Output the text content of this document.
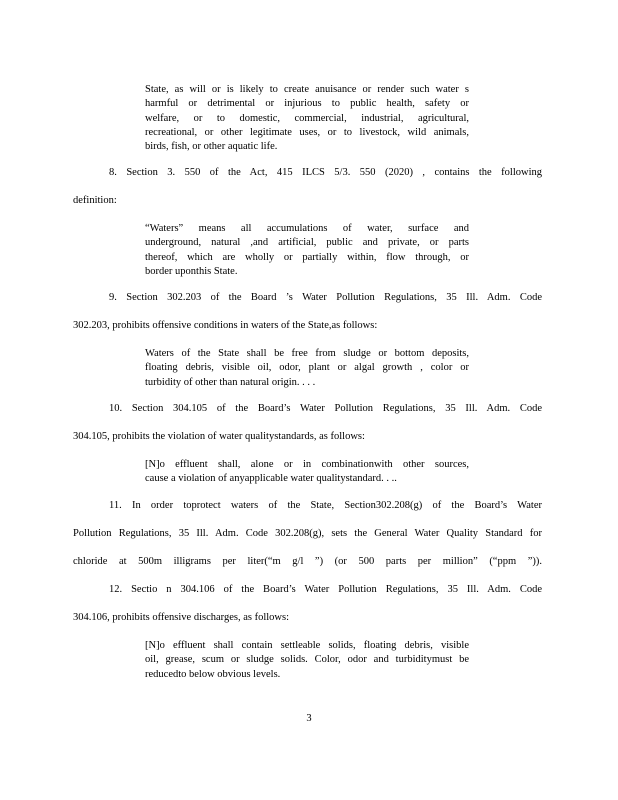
State, as will or is likely to create anuisance or render such water s
harmful or detrimental or injurious to public health, safety or
welfare, or to domestic, commercial, industrial, agricultural,
recreational, or other legitimate uses, or to livestock, wild animals,
birds, fish, or other aquatic life.
8. Section 3. 550 of the Act, 415 ILCS 5/3. 550 (2020) , contains the following
definition:
“Waters” means all accumulations of water, surface and
underground, natural ,and artificial, public and private, or parts
thereof, which are wholly or partially within, flow through, or
border uponthis State.
9. Section 302.203 of the Board ’s Water Pollution Regulations, 35 Ill. Adm. Code
302.203, prohibits offensive conditions in waters of the State,as follows:
Waters of the State shall be free from sludge or bottom deposits,
floating debris, visible oil, odor, plant or algal growth , color or
turbidity of other than natural origin. . . .
10. Section 304.105 of the Board’s Water Pollution Regulations, 35 Ill. Adm. Code
304.105, prohibits the violation of water qualitystandards, as follows:
[N]o effluent shall, alone or in combinationwith other sources,
cause a violation of anyapplicable water qualitystandard. . ..
11. In order toprotect waters of the State, Section302.208(g) of the Board’s Water
Pollution Regulations, 35 Ill. Adm. Code 302.208(g), sets the General Water Quality Standard for
chloride at 500m illigrams per liter(“m g/l ”) (or 500 parts per million” (“ppm ”)).
12. Sectio n 304.106 of the Board’s Water Pollution Regulations, 35 Ill. Adm. Code
304.106, prohibits offensive discharges, as follows:
[N]o effluent shall contain settleable solids, floating debris, visible
oil, grease, scum or sludge solids. Color, odor and turbiditymust be
reducedto below obvious levels.
3
